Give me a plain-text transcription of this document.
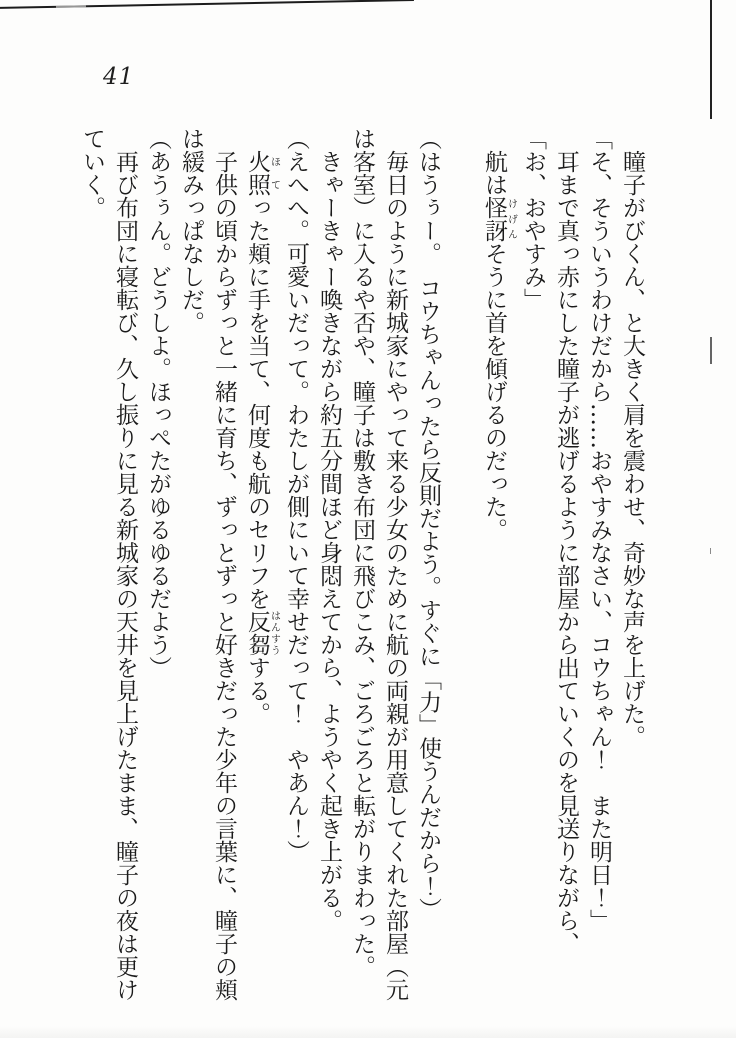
41

瞳子がびくん、と大きく肩を震わせ、奇妙な声を上げた。

「そ、そういうわけだから……おやすみなさい、コウちゃん！　また明日！」

耳まで真っ赤にした瞳子が逃げるように部屋から出ていくのを見送りながら、

「お、おやすみ」

航は怪訝けげんそうに首を傾げるのだった。

（はうぅー。　コウちゃんったら反則だよう。すぐに「力」使うんだから！）

毎日のように新城家にやって来る少女のために航の両親が用意してくれた部屋（元は客室）に入るや否や、瞳子は敷き布団に飛びこみ、ごろごろと転がりまわった。

きゃーきゃー喚きながら約五分間ほど身悶えてから、ようやく起き上がる。

（えへへ。可愛いだって。わたしが側にいて幸せだって！　やあん！）

火照ほてった頬に手を当て、何度も航のセリフを反芻はんすうする。

子供の頃からずっと一緒に育ち、ずっとずっと好きだった少年の言葉に、瞳子の頬は緩みっぱなしだ。

（あうぅん。どうしよ。ほっぺたがゆるゆるだよう）

再び布団に寝転び、久し振りに見る新城家の天井を見上げたまま、瞳子の夜は更けていく。
